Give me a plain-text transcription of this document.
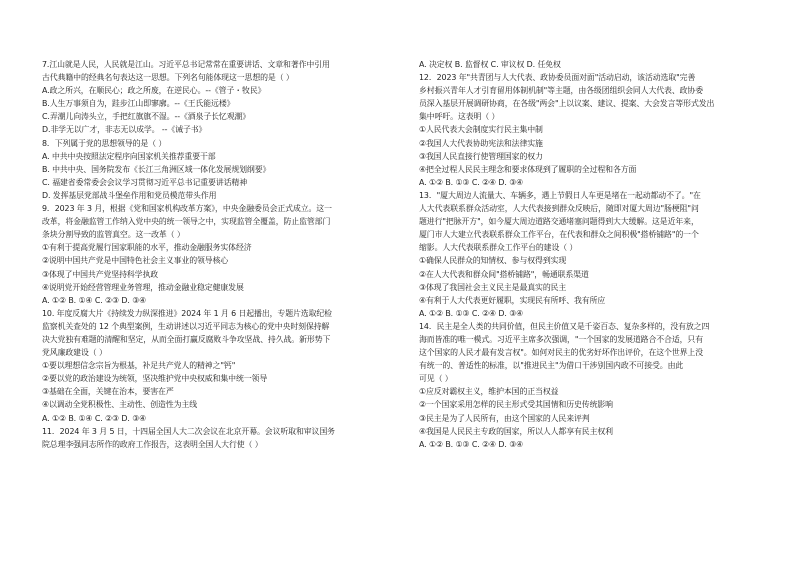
7.江山就是人民，人民就是江山。习近平总书记常常在重要讲话、文章和著作中引用
古代典籍中的经典名句表达这一思想。下列名句能体现这一思想的是（ ）
A.政之所兴，在顺民心；政之所废，在逆民心。--《管子・牧民》
B.人生万事须自为，跬步江山即寥廓。--《王氏能远楼》
C.弄潮儿向涛头立，手把红旗旗不湿。--《酒泉子长忆观潮》
D.非学无以广才，非志无以成学。 --《诫子书》
8．下列属于党的思想领导的是（ ）
A. 中共中央按照法定程序向国家机关推荐重要干部
B. 中共中央、国务院发布《长江三角洲区域一体化发展规划纲要》
C. 福建省委常委会会议学习贯彻习近平总书记重要讲话精神
D. 发挥基层党部战斗堡垒作用和党员模范带头作用
9．2023 年 3 月，根据《党和国家机构改革方案》，中央金融委员会正式成立。这一
改革，将金融监管工作纳入党中央的统一领导之中，实现监管全覆盖，防止监管部门
条块分割导致的监管真空。这一改革（ ）
①有利于提高党履行国家职能的水平，推动金融服务实体经济
②说明中国共产党是中国特色社会主义事业的领导核心
③体现了中国共产党坚持科学执政
④说明党开始经营管理业务管理，推动金融业稳定健康发展
A. ①② B. ①④ C. ②③ D. ③④
10. 年度反腐大片《持续发力纵深推进》2024 年 1 月 6 日起播出，专题片选取纪检
监察机关查处的 12 个典型案例，生动讲述以习近平同志为核心的党中央时刻保持解
决大党独有难题的清醒和坚定，从而全面打赢反腐败斗争攻坚战、持久战。新形势下
党风廉政建设（ ）
①要以理想信念宗旨为根基，补足共产党人的精神之"钙"
②要以党的政治建设为统领，坚决维护党中央权威和集中统一领导
③基础在全面，关键在治本，要害在严
④以调动全党积极性、主动性、创造性为主线
A. ①② B. ①④ C. ②③ D. ③④
11．2024 年 3 月 5 日，十四届全国人大二次会议在北京开幕。会议听取和审议国务
院总理李强同志所作的政府工作报告，这表明全国人大行使（ ）
A. 决定权 B. 监督权 C. 审议权 D. 任免权
12．2023 年"共青团与人大代表、政协委员面对面"活动启动，该活动选取"完善
乡村振兴青年人才引育留用体制机制"等主题，由各级团组织会同人大代表、政协委
员深入基层开展调研协商，在各级"两会"上以议案、建议、提案、大会发言等形式发出
集中呼吁。这表明（ ）
①人民代表大会制度实行民主集中制
②我国人大代表协助宪法和法律实施
③我国人民直接行使管理国家的权力
④把全过程人民民主理念和要求体现到了履职的全过程和各方面
A. ①② B. ①③ C. ②④ D. ③④
13．"厦大周边人流量大、车辆多，遇上节假日人车更是堵在一起动都动不了。"在
人大代表联系群众活动室，人大代表接到群众反映后，随即对厦大周边"肠梗阻"问
题进行"把脉开方"，如今厦大周边道路交通堵塞问题得到大大缓解。这是近年来，
厦门市人大建立代表联系群众工作平台，在代表和群众之间积极"搭桥铺路"的一个
缩影。人大代表联系群众工作平台的建设（ ）
①确保人民群众的知情权、参与权得到实现
②在人大代表和群众间"搭桥铺路"，畅通联系渠道
③体现了我国社会主义民主是最真实的民主
④有利于人大代表更好履职，实现民有所呼、我有所应
A. ①② B. ①③ C. ②④ D. ③④
14．民主是全人类的共同价值，但民主价值又是千姿百态、复杂多样的，没有放之四
海而皆准的唯一模式。习近平主席多次强调，"一个国家的发展道路合不合适，只有
这个国家的人民才最有发言权"。如何对民主的优劣好坏作出评价，在这个世界上没
有统一的、普适性的标准，以"推进民主"为借口干涉别国内政不可接受。由此
可见（ ）
①应反对霸权主义，维护本国的正当权益
②一个国家采用怎样的民主形式受其国情和历史传统影响
③民主是为了人民所有，由这个国家的人民来评判
④我国是人民民主专政的国家，所以人人都享有民主权利
A. ①② B. ①③ C. ②④ D. ③④
